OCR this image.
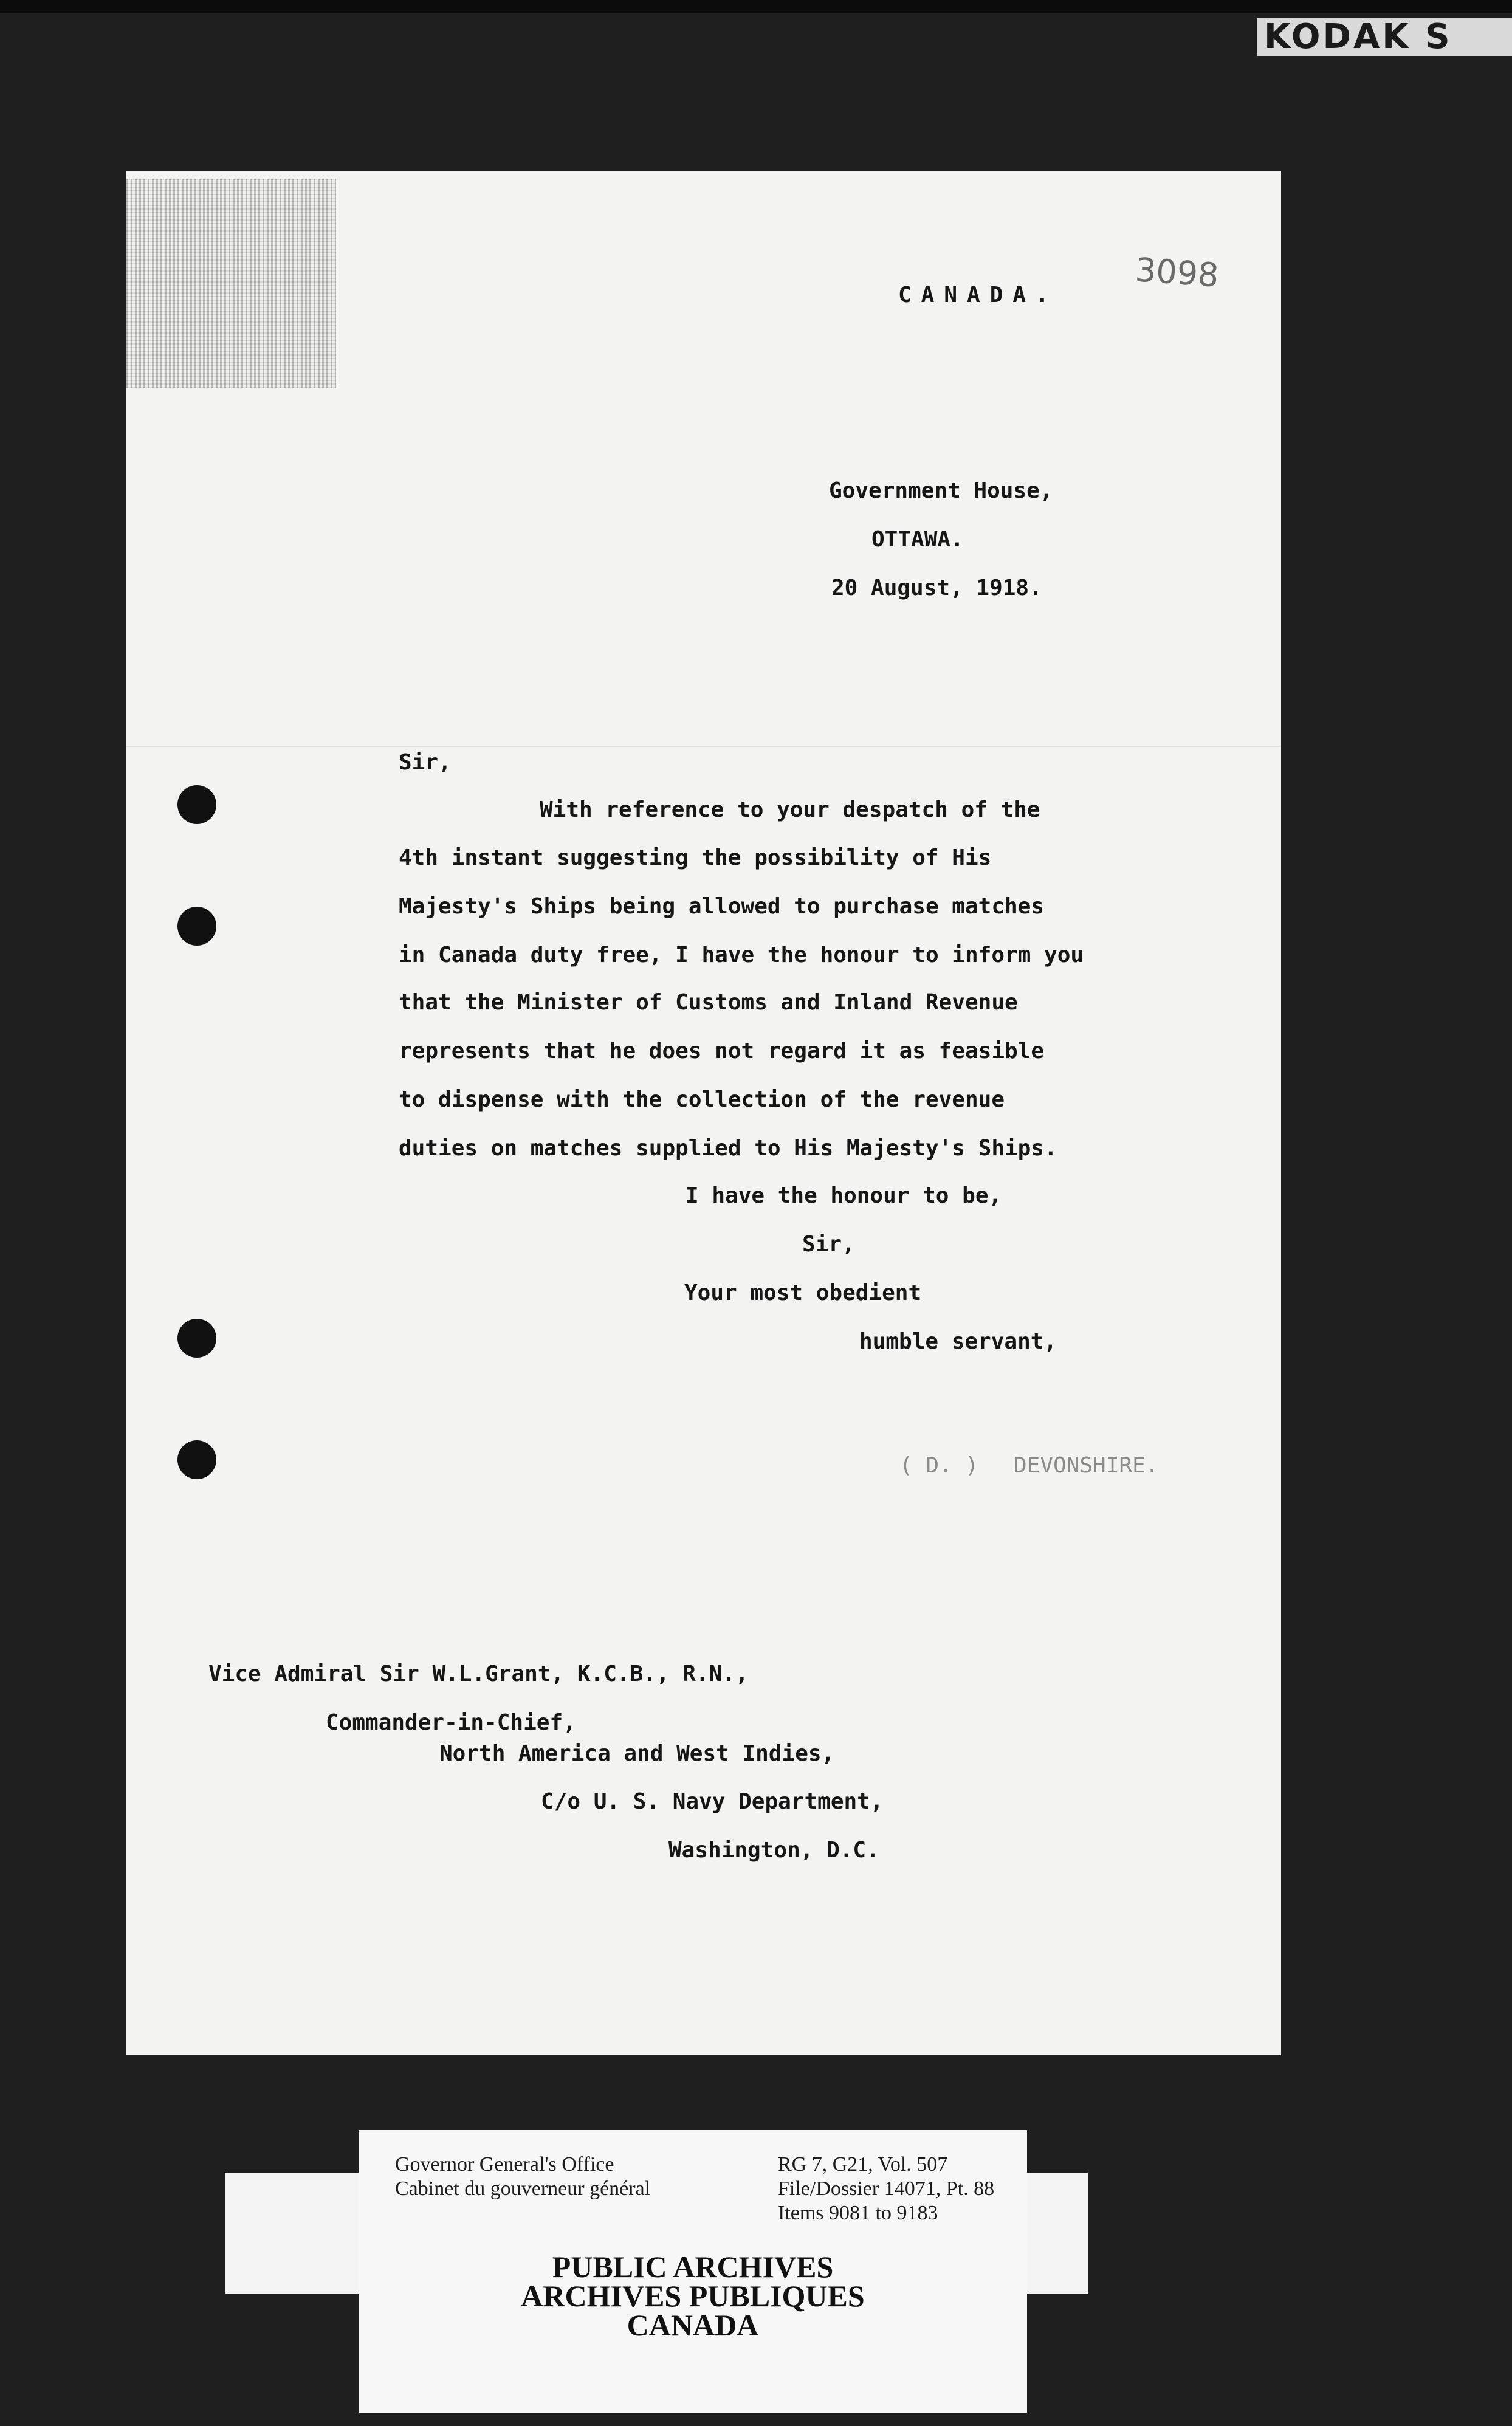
KODAK S

CANADA.

3098

Government House,

OTTAWA.

20 August, 1918.

Sir,

With reference to your despatch of the

4th instant suggesting the possibility of His

Majesty's Ships being allowed to purchase matches

in Canada duty free, I have the honour to inform you

that the Minister of Customs and Inland Revenue

represents that he does not regard it as feasible

to dispense with the collection of the revenue

duties on matches supplied to His Majesty's Ships.

I have the honour to be,

Sir,

Your most obedient

humble servant,

( D. ) DEVONSHIRE.

Vice Admiral Sir W.L.Grant, K.C.B., R.N.,

Commander-in-Chief,

North America and West Indies,

C/o U. S. Navy Department,

Washington, D.C.

Governor General's Office

Cabinet du gouverneur général

RG 7, G21, Vol. 507

File/Dossier 14071, Pt. 88

Items 9081 to 9183

PUBLIC ARCHIVES

ARCHIVES PUBLIQUES

CANADA
